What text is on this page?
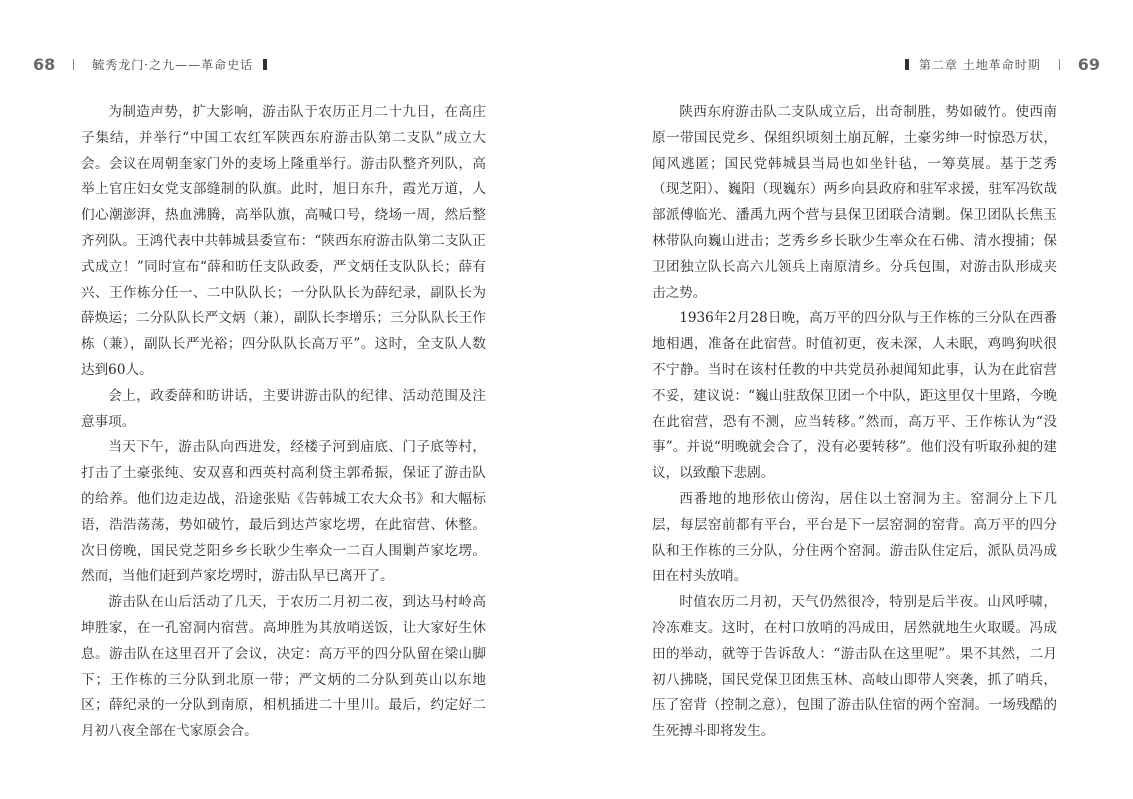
68	毓秀龙门·之九——革命史话

为制造声势，扩大影响，游击队于农历正月二十九日，在高庄子集结，并举行“中国工农红军陕西东府游击队第二支队”成立大会。会议在周朝奎家门外的麦场上隆重举行。游击队整齐列队，高举上官庄妇女党支部缝制的队旗。此时，旭日东升，霞光万道，人们心潮澎湃，热血沸腾，高举队旗，高喊口号，绕场一周，然后整齐列队。王鸿代表中共韩城县委宣布：“陕西东府游击队第二支队正式成立！”同时宣布“薛和昉任支队政委，严文炳任支队队长；薛有兴、王作栋分任一、二中队队长；一分队队长为薛纪录，副队长为薛焕运；二分队队长严文炳（兼），副队长李增乐；三分队队长王作栋（兼），副队长严光裕；四分队队长高万平”。这时，全支队人数达到60人。

会上，政委薛和昉讲话，主要讲游击队的纪律、活动范围及注意事项。

当天下午，游击队向西进发，经楼子河到庙底、门子底等村，打击了土豪张纯、安双喜和西英村高利贷主郭希振，保证了游击队的给养。他们边走边战，沿途张贴《告韩城工农大众书》和大幅标语，浩浩荡荡，势如破竹，最后到达芦家圪塄，在此宿营、休整。次日傍晚，国民党芝阳乡乡长耿少生率众一二百人围剿芦家圪塄。然而，当他们赶到芦家圪塄时，游击队早已离开了。

游击队在山后活动了几天，于农历二月初二夜，到达马村岭高坤胜家，在一孔窑洞内宿营。高坤胜为其放哨送饭，让大家好生休息。游击队在这里召开了会议，决定：高万平的四分队留在梁山脚下；王作栋的三分队到北原一带；严文炳的二分队到英山以东地区；薛纪录的一分队到南原，相机插进二十里川。最后，约定好二月初八夜全部在弋家原会合。

第二章 土地革命时期 69

陕西东府游击队二支队成立后，出奇制胜，势如破竹。使西南原一带国民党乡、保组织顷刻土崩瓦解，土豪劣绅一时惊恐万状，闻风逃匿；国民党韩城县当局也如坐针毡，一筹莫展。基于芝秀（现芝阳）、巍阳（现巍东）两乡向县政府和驻军求援，驻军冯钦哉部派傅临光、潘禹九两个营与县保卫团联合清剿。保卫团队长焦玉林带队向巍山进击；芝秀乡乡长耿少生率众在石佛、清水搜捕；保卫团独立队长高六儿领兵上南原清乡。分兵包围，对游击队形成夹击之势。

1936年2月28日晚，高万平的四分队与王作栋的三分队在西番地相遇，准备在此宿营。时值初更，夜未深，人未眠，鸡鸣狗吠很不宁静。当时在该村任教的中共党员孙昶闻知此事，认为在此宿营不妥，建议说：“巍山驻敌保卫团一个中队，距这里仅十里路，今晚在此宿营，恐有不测，应当转移。”然而，高万平、王作栋认为“没事”。并说“明晚就会合了，没有必要转移”。他们没有听取孙昶的建议，以致酿下悲剧。

西番地的地形依山傍沟，居住以土窑洞为主。窑洞分上下几层，每层窑前都有平台，平台是下一层窑洞的窑背。高万平的四分队和王作栋的三分队，分住两个窑洞。游击队住定后，派队员冯成田在村头放哨。

时值农历二月初，天气仍然很冷，特别是后半夜。山风呼啸，冷冻难支。这时，在村口放哨的冯成田，居然就地生火取暖。冯成田的举动，就等于告诉敌人：“游击队在这里呢”。果不其然，二月初八拂晓，国民党保卫团焦玉林、高岐山即带人突袭，抓了哨兵，压了窑背（控制之意），包围了游击队住宿的两个窑洞。一场残酷的生死搏斗即将发生。
